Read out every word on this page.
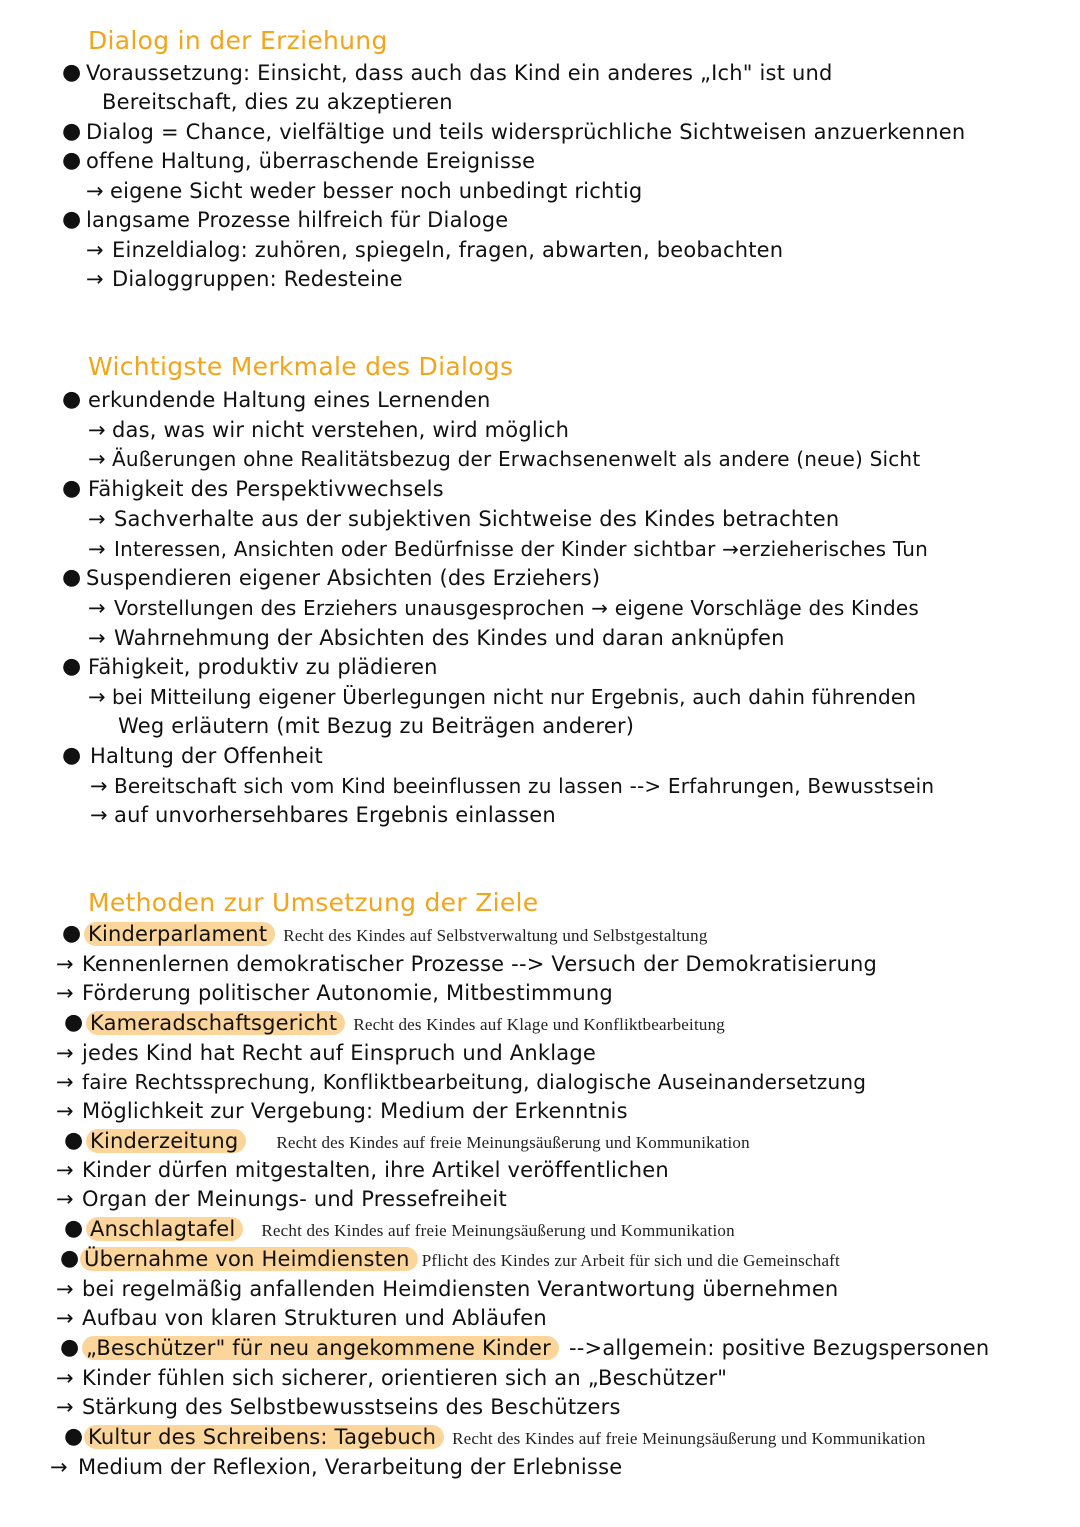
Dialog in der Erziehung
● Voraussetzung: Einsicht, dass auch das Kind ein anderes „Ich" ist und
Bereitschaft, dies zu akzeptieren
● Dialog = Chance, vielfältige und teils widersprüchliche Sichtweisen anzuerkennen
● offene Haltung, überraschende Ereignisse
→ eigene Sicht weder besser noch unbedingt richtig
● langsame Prozesse hilfreich für Dialoge
→ Einzeldialog: zuhören, spiegeln, fragen, abwarten, beobachten
→ Dialoggruppen: Redesteine
Wichtigste Merkmale des Dialogs
● erkundende Haltung eines Lernenden
→ das, was wir nicht verstehen, wird möglich
→ Äußerungen ohne Realitätsbezug der Erwachsenenwelt als andere (neue) Sicht
● Fähigkeit des Perspektivwechsels
→ Sachverhalte aus der subjektiven Sichtweise des Kindes betrachten
→ Interessen, Ansichten oder Bedürfnisse der Kinder sichtbar →erzieherisches Tun
● Suspendieren eigener Absichten (des Erziehers)
→ Vorstellungen des Erziehers unausgesprochen → eigene Vorschläge des Kindes
→ Wahrnehmung der Absichten des Kindes und daran anknüpfen
● Fähigkeit, produktiv zu plädieren
→ bei Mitteilung eigener Überlegungen nicht nur Ergebnis, auch dahin führenden
Weg erläutern (mit Bezug zu Beiträgen anderer)
● Haltung der Offenheit
→ Bereitschaft sich vom Kind beeinflussen zu lassen --> Erfahrungen, Bewusstsein
→ auf unvorhersehbares Ergebnis einlassen
Methoden zur Umsetzung der Ziele
● Kinderparlament Recht des Kindes auf Selbstverwaltung und Selbstgestaltung
→ Kennenlernen demokratischer Prozesse --> Versuch der Demokratisierung
→ Förderung politischer Autonomie, Mitbestimmung
● Kameradschaftsgericht Recht des Kindes auf Klage und Konfliktbearbeitung
→ jedes Kind hat Recht auf Einspruch und Anklage
→ faire Rechtssprechung, Konfliktbearbeitung, dialogische Auseinandersetzung
→ Möglichkeit zur Vergebung: Medium der Erkenntnis
● Kinderzeitung Recht des Kindes auf freie Meinungsäußerung und Kommunikation
→ Kinder dürfen mitgestalten, ihre Artikel veröffentlichen
→ Organ der Meinungs- und Pressefreiheit
● Anschlagtafel Recht des Kindes auf freie Meinungsäußerung und Kommunikation
● Übernahme von Heimdiensten Pflicht des Kindes zur Arbeit für sich und die Gemeinschaft
→ bei regelmäßig anfallenden Heimdiensten Verantwortung übernehmen
→ Aufbau von klaren Strukturen und Abläufen
● „Beschützer" für neu angekommene Kinder -->allgemein: positive Bezugspersonen
→ Kinder fühlen sich sicherer, orientieren sich an „Beschützer"
→ Stärkung des Selbstbewusstseins des Beschützers
● Kultur des Schreibens: Tagebuch Recht des Kindes auf freie Meinungsäußerung und Kommunikation
→ Medium der Reflexion, Verarbeitung der Erlebnisse
